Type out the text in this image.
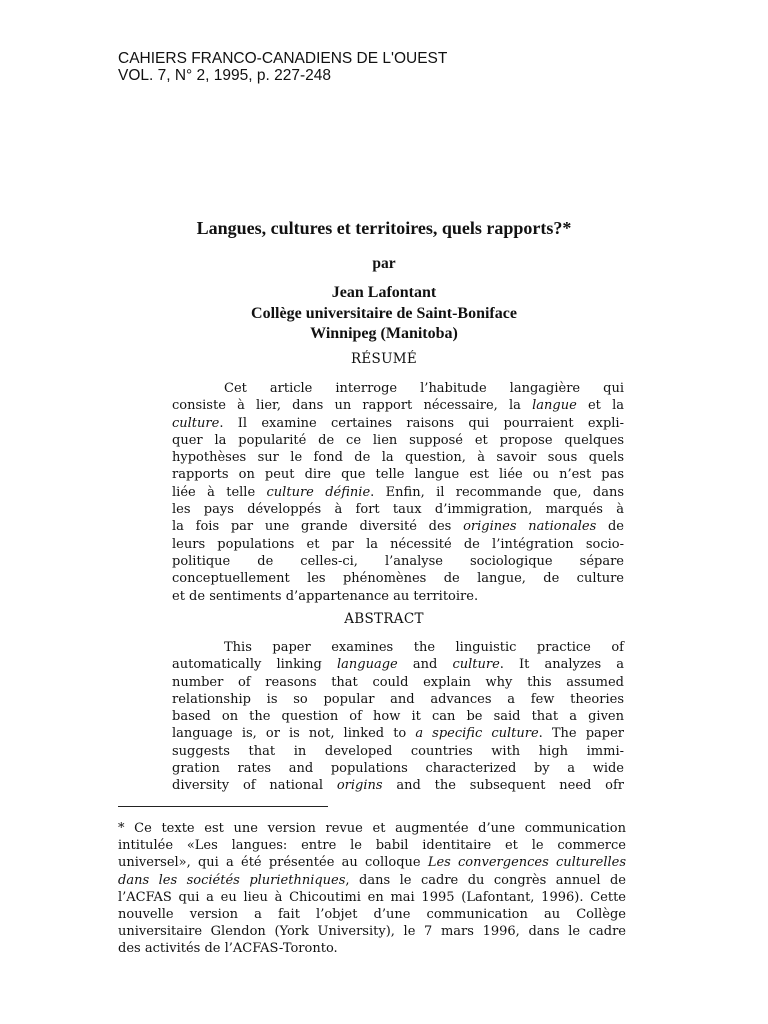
CAHIERS FRANCO-CANADIENS DE L'OUEST
VOL. 7, N° 2, 1995, p. 227-248
Langues, cultures et territoires, quels rapports?*
par
Jean Lafontant
Collège universitaire de Saint-Boniface
Winnipeg (Manitoba)
RÉSUMÉ
Cet article interroge l’habitude langagière qui
consiste à lier, dans un rapport nécessaire, la langue et la
culture. Il examine certaines raisons qui pourraient expli-
quer la popularité de ce lien supposé et propose quelques
hypothèses sur le fond de la question, à savoir sous quels
rapports on peut dire que telle langue est liée ou n’est pas
liée à telle culture définie. Enfin, il recommande que, dans
les pays développés à fort taux d’immigration, marqués à
la fois par une grande diversité des origines nationales de
leurs populations et par la nécessité de l’intégration socio-
politique de celles-ci, l’analyse sociologique sépare
conceptuellement les phénomènes de langue, de culture
et de sentiments d’appartenance au territoire.
ABSTRACT
This paper examines the linguistic practice of
automatically linking language and culture. It analyzes a
number of reasons that could explain why this assumed
relationship is so popular and advances a few theories
based on the question of how it can be said that a given
language is, or is not, linked to a specific culture. The paper
suggests that in developed countries with high immi-
gration rates and populations characterized by a wide
diversity of national origins and the subsequent need ofr
* Ce texte est une version revue et augmentée d’une communication
intitulée «Les langues: entre le babil identitaire et le commerce
universel», qui a été présentée au colloque Les convergences culturelles
dans les sociétés pluriethniques, dans le cadre du congrès annuel de
l’ACFAS qui a eu lieu à Chicoutimi en mai 1995 (Lafontant, 1996). Cette
nouvelle version a fait l’objet d’une communication au Collège
universitaire Glendon (York University), le 7 mars 1996, dans le cadre
des activités de l’ACFAS-Toronto.
